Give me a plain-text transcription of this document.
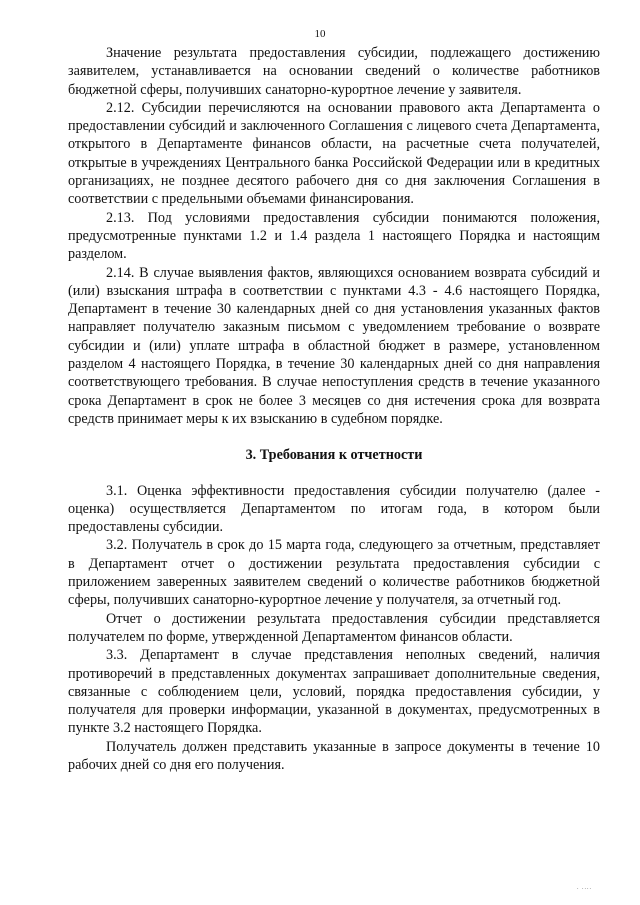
10

Значение результата предоставления субсидии, подлежащего достижению заявителем, устанавливается на основании сведений о количестве работников бюджетной сферы, получивших санаторно-курортное лечение у заявителя.

2.12. Субсидии перечисляются на основании правового акта Департамента о предоставлении субсидий и заключенного Соглашения с лицевого счета Департамента, открытого в Департаменте финансов области, на расчетные счета получателей, открытые в учреждениях Центрального банка Российской Федерации или в кредитных организациях, не позднее десятого рабочего дня со дня заключения Соглашения в соответствии с предельными объемами финансирования.

2.13. Под условиями предоставления субсидии понимаются положения, предусмотренные пунктами 1.2 и 1.4 раздела 1 настоящего Порядка и настоящим разделом.

2.14. В случае выявления фактов, являющихся основанием возврата субсидий и (или) взыскания штрафа в соответствии с пунктами 4.3 - 4.6 настоящего Порядка, Департамент в течение 30 календарных дней со дня установления указанных фактов направляет получателю заказным письмом с уведомлением требование о возврате субсидии и (или) уплате штрафа в областной бюджет в размере, установленном разделом 4 настоящего Порядка, в течение 30 календарных дней со дня направления соответствующего требования. В случае непоступления средств в течение указанного срока Департамент в срок не более 3 месяцев со дня истечения срока для возврата средств принимает меры к их взысканию в судебном порядке.

3. Требования к отчетности

3.1. Оценка эффективности предоставления субсидии получателю (далее - оценка) осуществляется Департаментом по итогам года, в котором были предоставлены субсидии.

3.2. Получатель в срок до 15 марта года, следующего за отчетным, представляет в Департамент отчет о достижении результата предоставления субсидии с приложением заверенных заявителем сведений о количестве работников бюджетной сферы, получивших санаторно-курортное лечение у получателя, за отчетный год.

Отчет о достижении результата предоставления субсидии представляется получателем по форме, утвержденной Департаментом финансов области.

3.3. Департамент в случае представления неполных сведений, наличия противоречий в представленных документах запрашивает дополнительные сведения, связанные с соблюдением цели, условий, порядка предоставления субсидии, у получателя для проверки информации, указанной в документах, предусмотренных в пункте 3.2 настоящего Порядка.

Получатель должен представить указанные в запросе документы в течение 10 рабочих дней со дня его получения.

. ....
